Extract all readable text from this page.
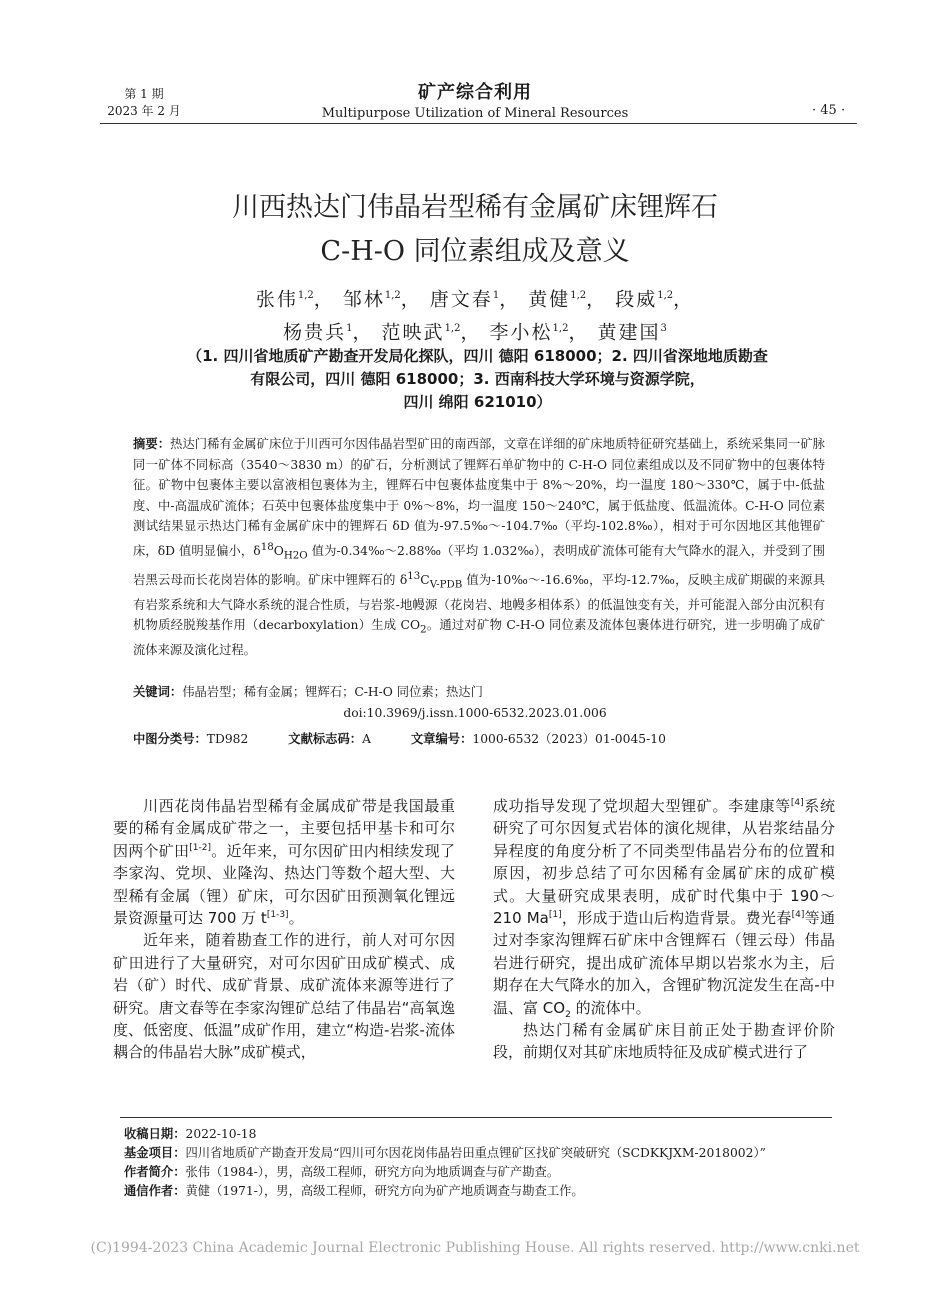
第 1 期
2023 年 2 月
矿产综合利用
Multipurpose Utilization of Mineral Resources	· 45 ·
川西热达门伟晶岩型稀有金属矿床锂辉石
C-H-O 同位素组成及意义
张伟$^{1,2}$， 邹林$^{1,2}$， 唐文春$^1$， 黄健$^{1,2}$， 段威$^{1,2}$，
杨贵兵$^1$， 范映武$^{1,2}$， 李小松$^{1,2}$， 黄建国$^3$
（1. 四川省地质矿产勘查开发局化探队，四川 德阳 618000；2. 四川省深地地质勘查
有限公司，四川 德阳 618000；3. 西南科技大学环境与资源学院，
四川 绵阳 621010）
摘要：热达门稀有金属矿床位于川西可尔因伟晶岩型矿田的南西部，文章在详细的矿床地质特征研究基础上，系统采集同一矿脉同一矿体不同标高（3540～3830 m）的矿石，分析测试了锂辉石单矿物中的 C-H-O 同位素组成以及不同矿物中的包裹体特征。矿物中包裹体主要以富液相包裹体为主，锂辉石中包裹体盐度集中于 8%～20%，均一温度 180～330℃，属于中-低盐度、中-高温成矿流体；石英中包裹体盐度集中于 0%～8%，均一温度 150～240℃，属于低盐度、低温流体。C-H-O 同位素测试结果显示热达门稀有金属矿床中的锂辉石 δD 值为-97.5‰～-104.7‰（平均-102.8‰），相对于可尔因地区其他锂矿床，δD 值明显偏小，$\delta^{18}O_{H2O}$ 值为-0.34‰～2.88‰（平均 1.032‰），表明成矿流体可能有大气降水的混入，并受到了围岩黑云母而长花岗岩体的影响。矿床中锂辉石的 $\delta^{13}C_{V-PDB}$ 值为-10‰～-16.6‰，平均-12.7‰，反映主成矿期碳的来源具有岩浆系统和大气降水系统的混合性质，与岩浆-地幔源（花岗岩、地幔多相体系）的低温蚀变有关，并可能混入部分由沉积有机物质经脱羧基作用（decarboxylation）生成 $CO_2$。通过对矿物 C-H-O 同位素及流体包裹体进行研究，进一步明确了成矿流体来源及演化过程。
关键词：伟晶岩型；稀有金属；锂辉石；C-H-O 同位素；热达门
doi:10.3969/j.issn.1000-6532.2023.01.006
中图分类号：TD982	文献标志码：A	文章编号：1000-6532（2023）01-0045-10

川西花岗伟晶岩型稀有金属成矿带是我国最重要的稀有金属成矿带之一，主要包括甲基卡和可尔因两个矿田[1-2]。近年来，可尔因矿田内相续发现了李家沟、党坝、业隆沟、热达门等数个超大型、大型稀有金属（锂）矿床，可尔因矿田预测氧化锂远景资源量可达 700 万 t[1-3]。

近年来，随着勘查工作的进行，前人对可尔因矿田进行了大量研究，对可尔因矿田成矿模式、成岩（矿）时代、成矿背景、成矿流体来源等进行了研究。唐文春等在李家沟锂矿总结了伟晶岩“高氧逸度、低密度、低温”成矿作用，建立“构造-岩浆-流体耦合的伟晶岩大脉”成矿模式，

成功指导发现了党坝超大型锂矿。李建康等[4]系统研究了可尔因复式岩体的演化规律，从岩浆结晶分异程度的角度分析了不同类型伟晶岩分布的位置和原因，初步总结了可尔因稀有金属矿床的成矿模式。大量研究成果表明，成矿时代集中于 190～210 Ma[1]，形成于造山后构造背景。费光春[4]等通过对李家沟锂辉石矿床中含锂辉石（锂云母）伟晶岩进行研究，提出成矿流体早期以岩浆水为主，后期存在大气降水的加入，含锂矿物沉淀发生在高-中温、富 $CO_2$ 的流体中。

热达门稀有金属矿床目前正处于勘查评价阶段，前期仅对其矿床地质特征及成矿模式进行了

收稿日期：2022-10-18
基金项目：四川省地质矿产勘查开发局“四川可尔因花岗伟晶岩田重点锂矿区找矿突破研究（SCDKKJXM-2018002）”
作者简介：张伟（1984-），男，高级工程师，研究方向为地质调查与矿产勘查。
通信作者：黄健（1971-），男，高级工程师，研究方向为矿产地质调查与勘查工作。
(C)1994-2023 China Academic Journal Electronic Publishing House. All rights reserved. http://www.cnki.net
